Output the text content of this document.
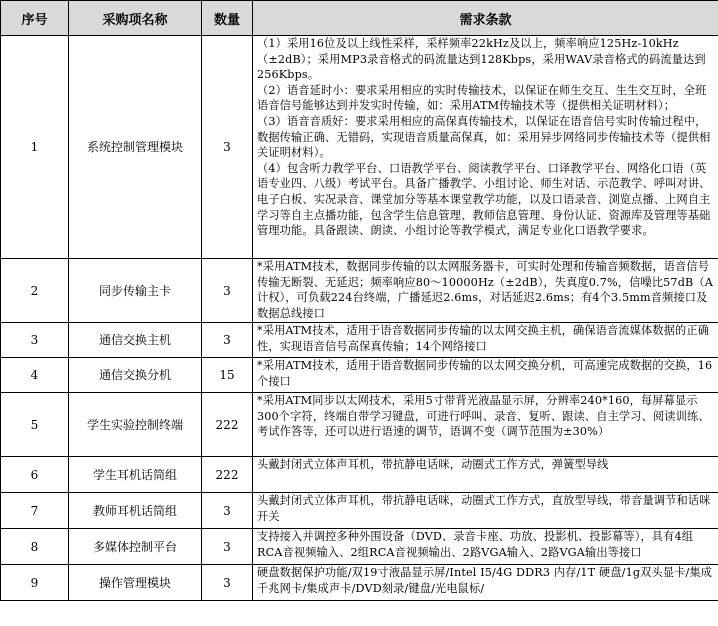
序号	采购项名称	数量	需求条款
1	系统控制管理模块	3	（1）采用16位及以上线性采样，采样频率22kHz及以上，频率响应125Hz-10kHz（±2dB）；采用MP3录音格式的码流量达到128Kbps，采用WAV录音格式的码流量达到256Kbps。

（2）语音延时小：要求采用相应的实时传输技术，以保证在师生交互、生生交互时，全班语音信号能够达到并发实时传输，如：采用ATM传输技术等（提供相关证明材料）；

（3）语音音质好：要求采用相应的高保真传输技术，以保证在语音信号实时传输过程中，数据传输正确、无错码，实现语音质量高保真，如：采用异步网络同步传输技术等（提供相关证明材料）。

（4）包含听力教学平台、口语教学平台、阅读教学平台、口译教学平台、网络化口语（英语专业四、八级）考试平台。具备广播教学、小组讨论、师生对话、示范教学、呼叫对讲、电子白板、实况录音、课堂加分等基本课堂教学功能，以及口语录音、浏览点播、上网自主学习等自主点播功能，包含学生信息管理、教师信息管理、身份认证、资源库及管理等基础管理功能。具备跟读、朗读、小组讨论等教学模式，满足专业化口语教学要求。

2	同步传输主卡	3	*采用ATM技术，数据同步传输的以太网服务器卡，可实时处理和传输音频数据，语音信号传输无断裂、无延迟；频率响应80～10000Hz（±2dB），失真度0.7%，信噪比57dB（A计权），可负载224台终端，广播延迟2.6ms，对话延迟2.6ms；有4个3.5mm音频接口及数据总线接口

3	通信交换主机	3	*采用ATM技术，适用于语音数据同步传输的以太网交换主机，确保语音流媒体数据的正确性，实现语音信号高保真传输；14个网络接口

4	通信交换分机	15	*采用ATM技术，适用于语音数据同步传输的以太网交换分机，可高速完成数据的交换，16个接口

5	学生实验控制终端	222	*采用ATM同步以太网技术，采用5寸带背光液晶显示屏，分辨率240*160，每屏幕显示300个字符，终端自带学习键盘，可进行呼叫、录音、复听、跟读、自主学习、阅读训练、考试作答等，还可以进行语速的调节，语调不变（调节范围为±30%）

6	学生耳机话筒组	222	头戴封闭式立体声耳机，带抗静电话咪，动圈式工作方式，弹簧型导线

7	教师耳机话筒组	3	头戴封闭式立体声耳机，带抗静电话咪，动圈式工作方式，直放型导线，带音量调节和话咪开关

8	多媒体控制平台	3	支持接入并调控多种外围设备（DVD、录音卡座、功放、投影机、投影幕等），具有4组RCA音视频输入、2组RCA音视频输出、2路VGA输入、2路VGA输出等接口

9	操作管理模块	3	硬盘数据保护功能/双19寸液晶显示屏/Intel I5/4G DDR3 内存/1T 硬盘/1g双头显卡/集成千兆网卡/集成声卡/DVD刻录/键盘/光电鼠标/
